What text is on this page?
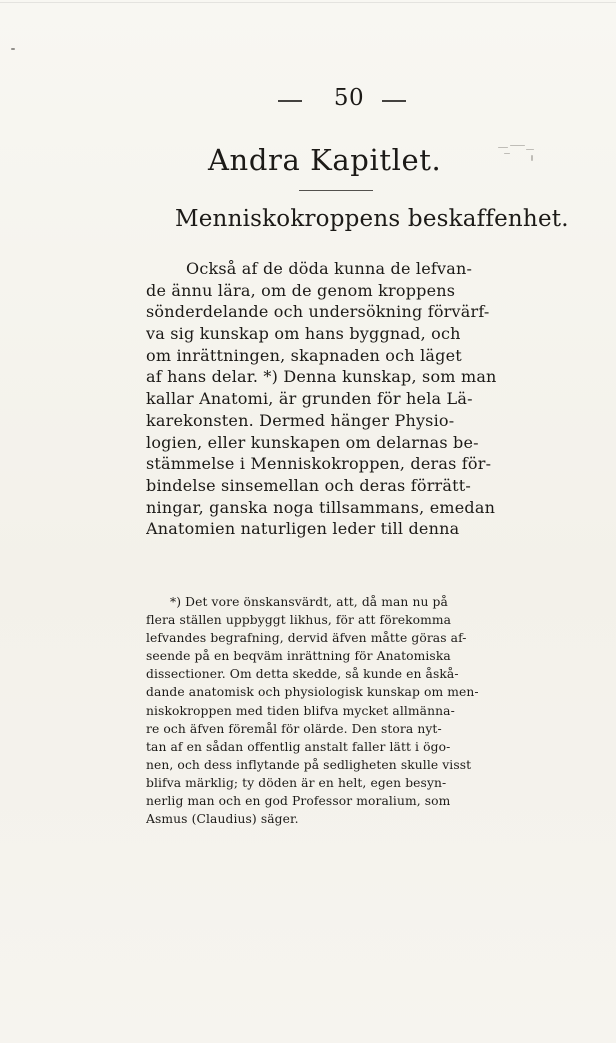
50
Andra Kapitlet.
Menniskokroppens beskaffenhet.
Också af de döda kunna de lefvan-
de ännu lära, om de genom kroppens
sönderdelande och undersökning förvärf-
va sig kunskap om hans byggnad, och
om inrättningen, skapnaden och läget
af hans delar. *) Denna kunskap, som man
kallar Anatomi, är grunden för hela Lä-
karekonsten. Dermed hänger Physio-
logien, eller kunskapen om delarnas be-
stämmelse i Menniskokroppen, deras för-
bindelse sinsemellan och deras förrätt-
ningar, ganska noga tillsammans, emedan
Anatomien naturligen leder till denna
*) Det vore önskansvärdt, att, då man nu på
flera ställen uppbyggt likhus, för att förekomma
lefvandes begrafning, dervid äfven måtte göras af-
seende på en beqväm inrättning för Anatomiska
dissectioner. Om detta skedde, så kunde en åskå-
dande anatomisk och physiologisk kunskap om men-
niskokroppen med tiden blifva mycket allmänna-
re och äfven föremål för olärde. Den stora nyt-
tan af en sådan offentlig anstalt faller lätt i ögo-
nen, och dess inflytande på sedligheten skulle visst
blifva märklig; ty döden är en helt, egen besyn-
nerlig man och en god Professor moralium, som
Asmus (Claudius) säger.
